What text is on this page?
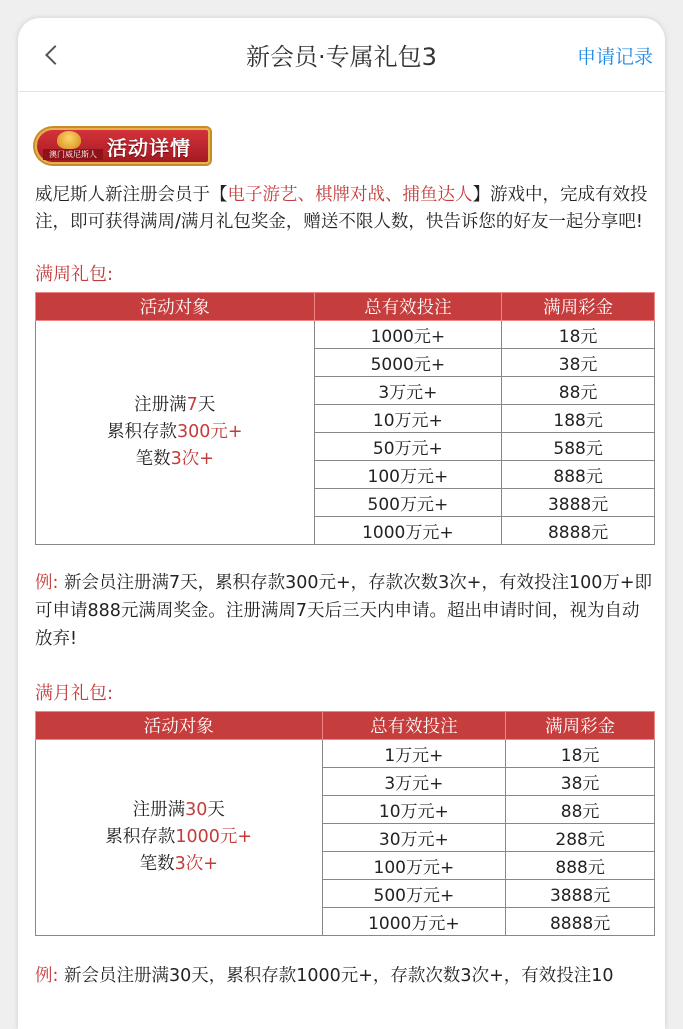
新会员·专属礼包3	申请记录
澳门威尼斯人 活动详情

威尼斯人新注册会员于【电子游艺、棋牌对战、捕鱼达人】游戏中，完成有效投注，即可获得满周/满月礼包奖金，赠送不限人数，快告诉您的好友一起分享吧!

满周礼包:
活动对象	总有效投注	满周彩金

注册满7天
累积存款300元+
笔数3次+	1000元+	18元
	5000元+	38元
	3万元+	88元
	10万元+	188元
	50万元+	588元
	100万元+	888元
	500万元+	3888元
	1000万元+	8888元

例: 新会员注册满7天，累积存款300元+，存款次数3次+，有效投注100万+即可申请888元满周奖金。注册满周7天后三天内申请。超出申请时间，视为自动放弃!

满月礼包:
活动对象	总有效投注	满周彩金

注册满30天
累积存款1000元+
笔数3次+	1万元+	18元
	3万元+	38元
	10万元+	88元
	30万元+	288元
	100万元+	888元
	500万元+	3888元
	1000万元+	8888元

例: 新会员注册满30天，累积存款1000元+，存款次数3次+，有效投注10
